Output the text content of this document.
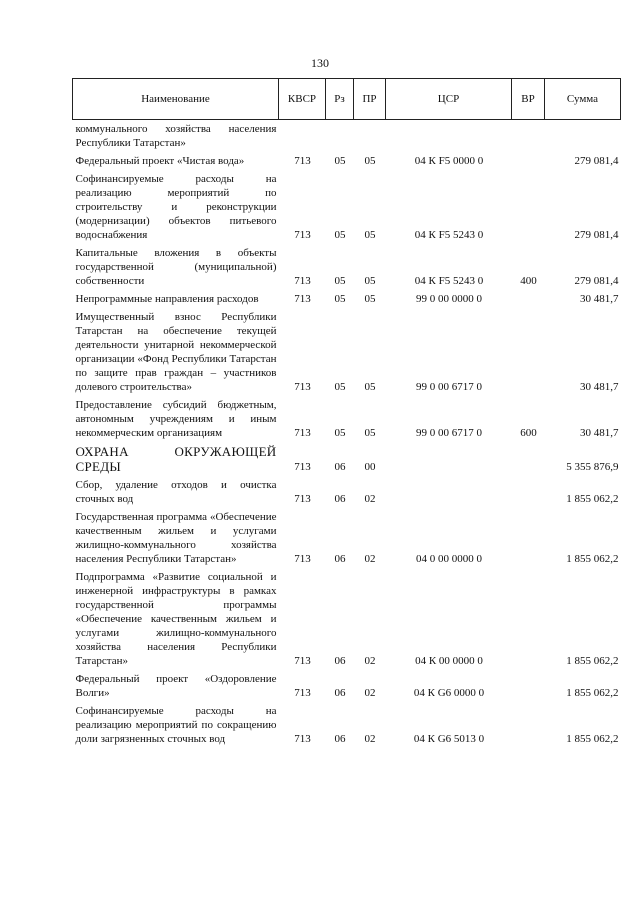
130
Наименование	КВСР	Рз	ПР	ЦСР	ВР	Сумма
коммунального хозяйства населения Республики Татарстан»						
Федеральный проект «Чистая вода»	713	05	05	04 К F5 0000 0		279 081,4
Софинансируемые расходы на реализацию мероприятий по строительству и реконструкции (модернизации) объектов питьевого водоснабжения	713	05	05	04 К F5 5243 0		279 081,4
Капитальные вложения в объекты государственной (муниципальной) собственности	713	05	05	04 К F5 5243 0	400	279 081,4
Непрограммные направления расходов	713	05	05	99 0 00 0000 0		30 481,7
Имущественный взнос Республики Татарстан на обеспечение текущей деятельности унитарной некоммерческой организации «Фонд Республики Татарстан по защите прав граждан – участников долевого строительства»	713	05	05	99 0 00 6717 0		30 481,7
Предоставление субсидий бюджетным, автономным учреждениям и иным некоммерческим организациям	713	05	05	99 0 00 6717 0	600	30 481,7
ОХРАНА ОКРУЖАЮЩЕЙ СРЕДЫ	713	06	00			5 355 876,9
Сбор, удаление отходов и очистка сточных вод	713	06	02			1 855 062,2
Государственная программа «Обеспечение качественным жильем и услугами жилищно-коммунального хозяйства населения Республики Татарстан»	713	06	02	04 0 00 0000 0		1 855 062,2
Подпрограмма «Развитие социальной и инженерной инфраструктуры в рамках государственной программы «Обеспечение качественным жильем и услугами жилищно-коммунального хозяйства населения Республики Татарстан»	713	06	02	04 К 00 0000 0		1 855 062,2
Федеральный проект «Оздоровление Волги»	713	06	02	04 К G6 0000 0		1 855 062,2
Софинансируемые расходы на реализацию мероприятий по сокращению доли загрязненных сточных вод	713	06	02	04 К G6 5013 0		1 855 062,2
